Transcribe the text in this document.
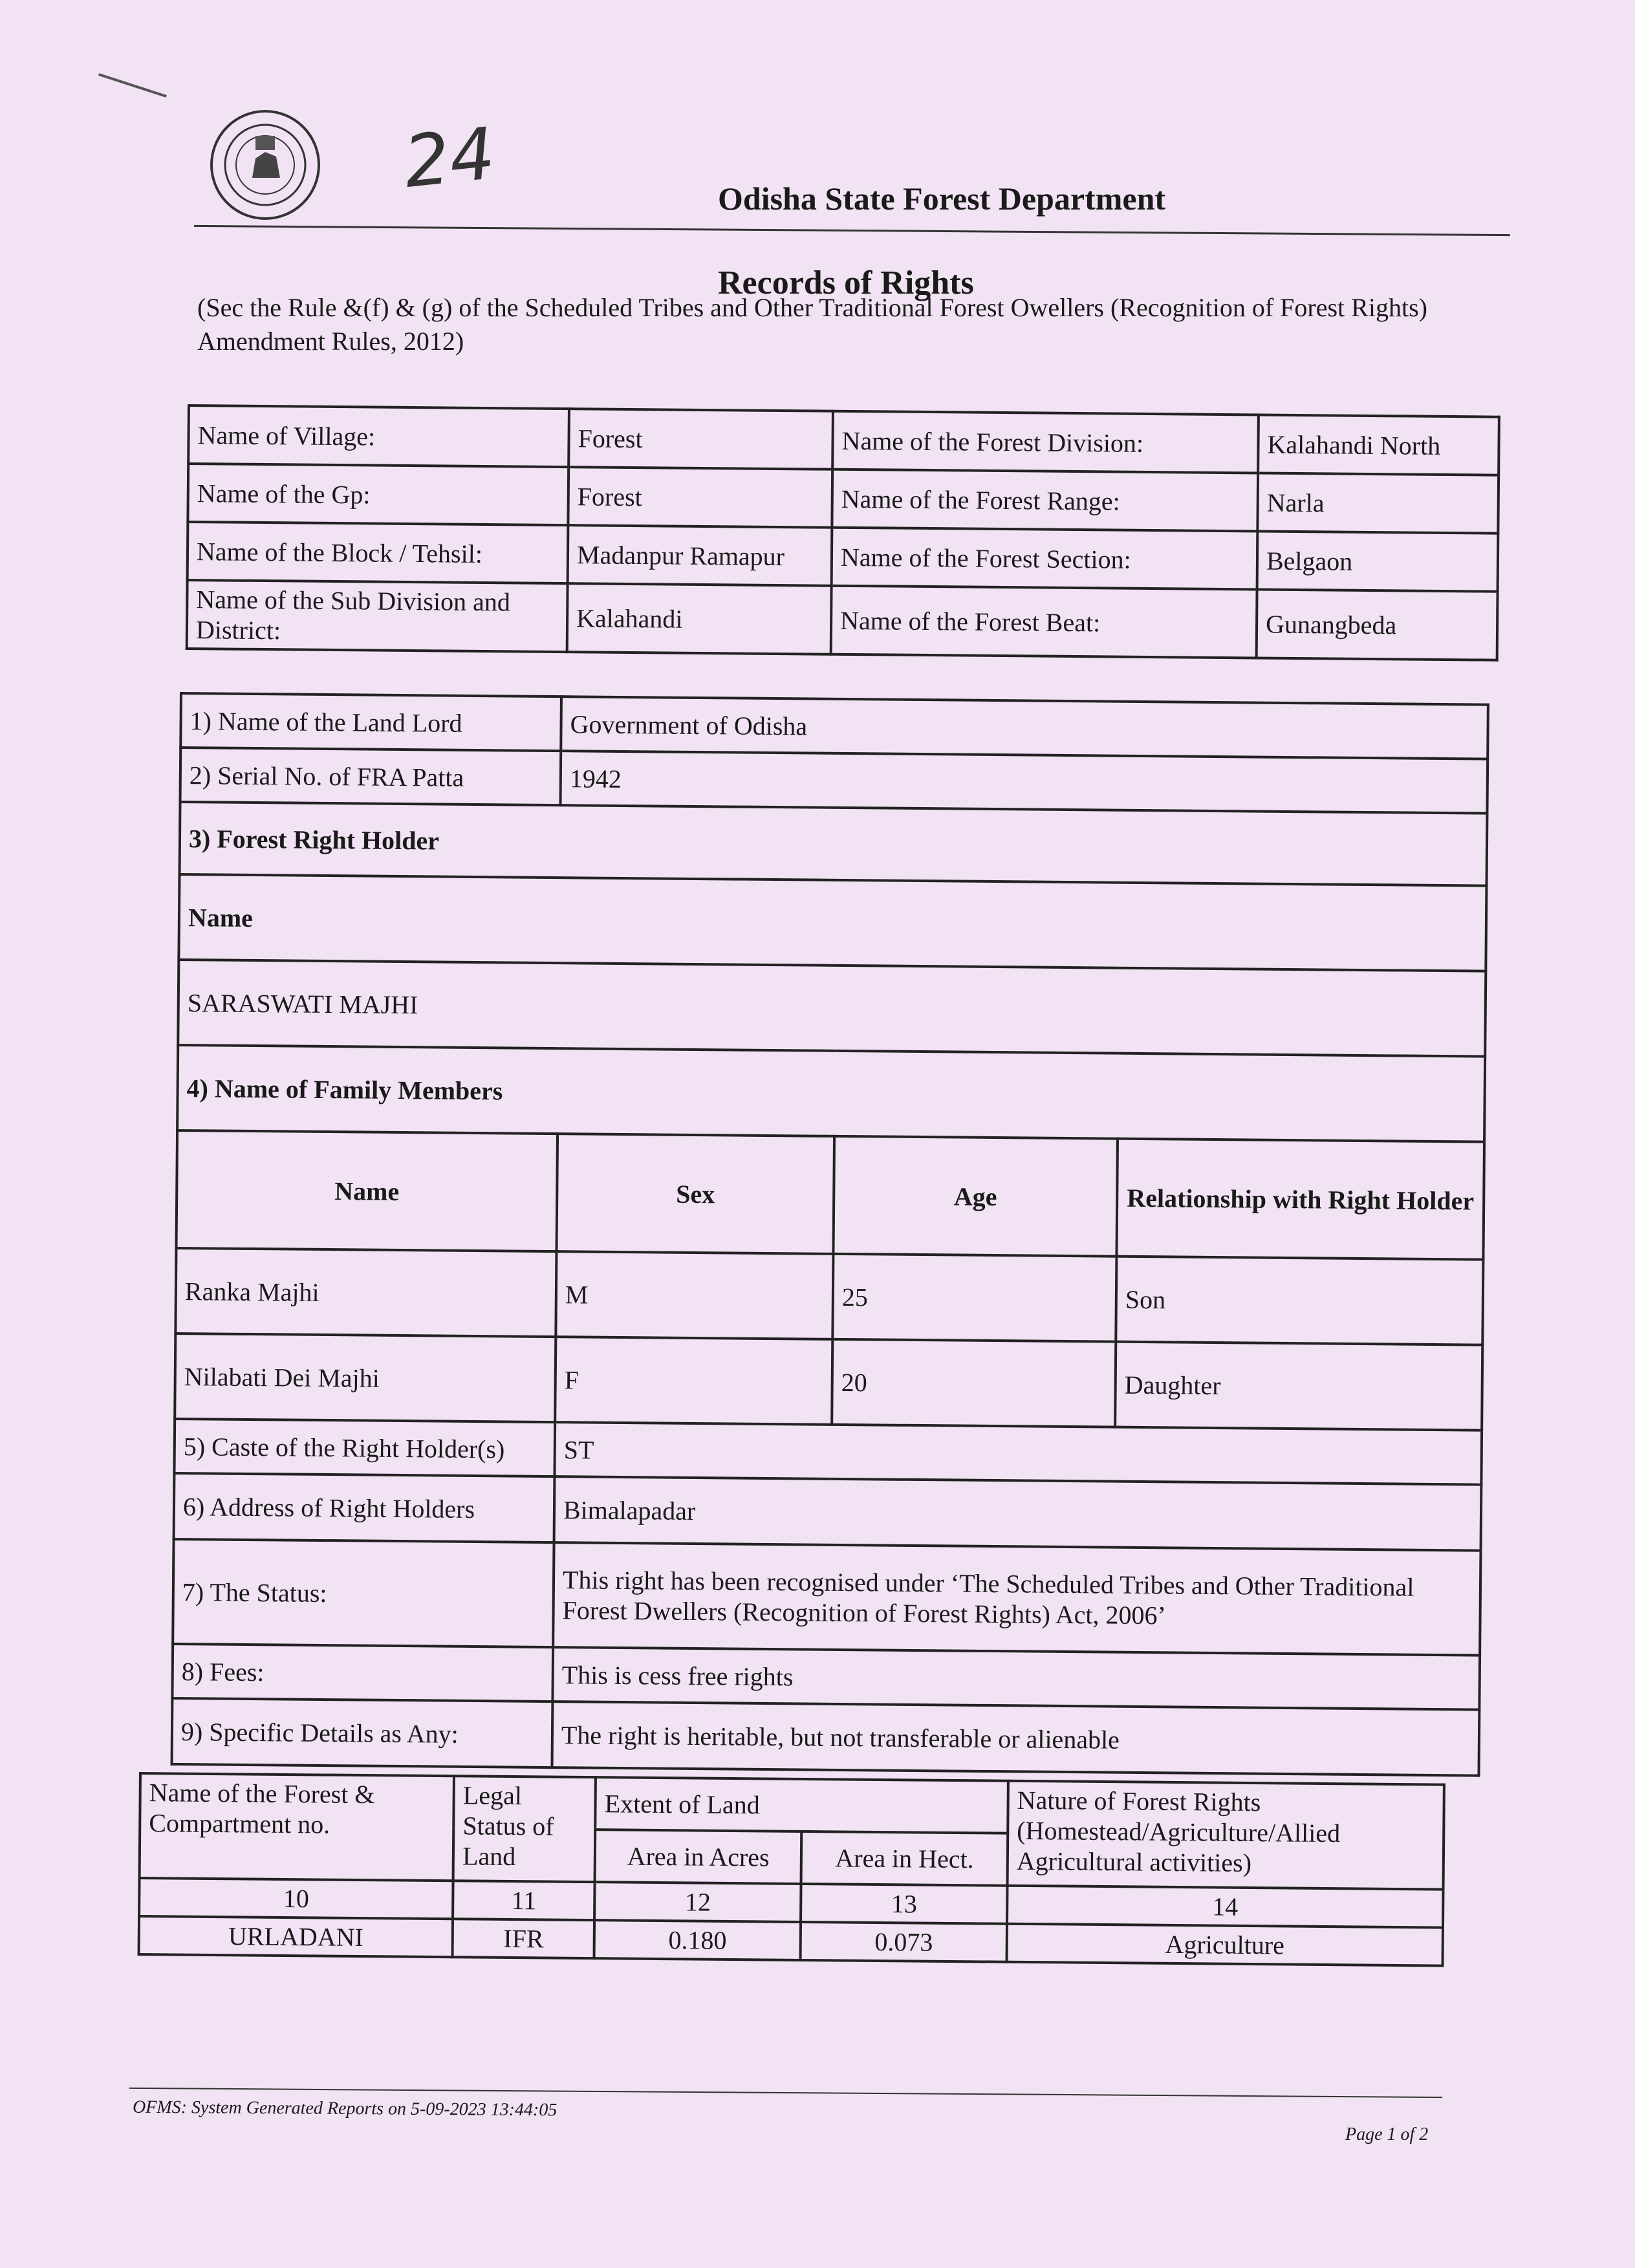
24	Odisha State Forest Department
Records of Rights
(Sec the Rule &(f) & (g) of the Scheduled Tribes and Other Traditional Forest Owellers (Recognition of Forest Rights) Amendment Rules, 2012)
Name of Village:	Forest	Name of the Forest Division:	Kalahandi North
Name of the Gp:	Forest	Name of the Forest Range:	Narla
Name of the Block / Tehsil:	Madanpur Ramapur	Name of the Forest Section:	Belgaon
Name of the Sub Division and District:	Kalahandi	Name of the Forest Beat:	Gunangbeda
1) Name of the Land Lord	Government of Odisha		
2) Serial No. of FRA Patta	1942		
3) Forest Right Holder			
Name			
SARASWATI MAJHI			
4) Name of Family Members			
Name	Sex	Age	Relationship with Right Holder
Ranka Majhi	M	25	Son
Nilabati Dei Majhi	F	20	Daughter
5) Caste of the Right Holder(s)	ST		
6) Address of Right Holders	Bimalapadar		
7) The Status:	This right has been recognised under ‘The Scheduled Tribes and Other Traditional
Forest Dwellers (Recognition of Forest Rights) Act, 2006’		

8) Fees:	This is cess free rights		
9) Specific Details as Any:	The right is heritable, but not transferable or alienable		
Name of the Forest & Compartment no.	Legal Status of Land	Extent of Land		Nature of Forest Rights (Homestead/Agriculture/Allied Agricultural activities)
		Area in Acres	Area in Hect.	
10	11	12	13	14
URLADANI	IFR	0.180	0.073	Agriculture
OFMS: System Generated Reports on 5-09-2023 13:44:05
Page 1 of 2
